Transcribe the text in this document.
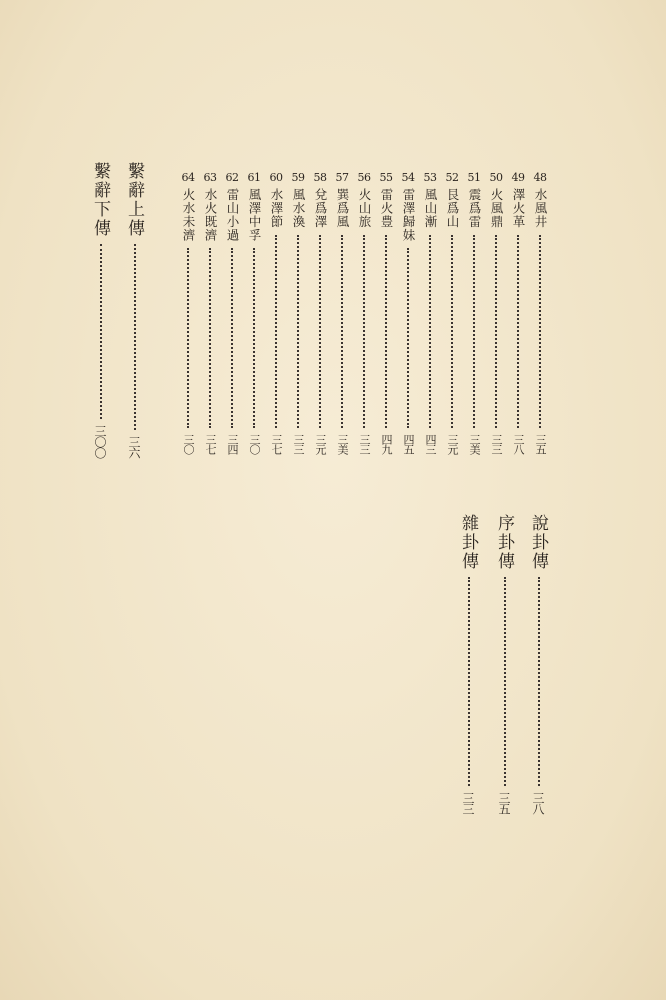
48
水風井
三五
49
澤火革
三八
50
火風鼎
三三
51
震爲雷
三美
52
艮爲山
三元
53
風山漸
四三
54
雷澤歸妹
四五
55
雷火豊
四九
56
火山旅
三三
57
巽爲風
三美
58
兌爲澤
三元
59
風水渙
三三
60
水澤節
三七
61
風澤中孚
三〇
62
雷山小過
三四
63
水火既濟
三七
64
火水未濟
三〇
繫辭上傳
三六
繫辭下傳
三〇〇
說卦傳
三八
序卦傳
三五
雜卦傳
三三
